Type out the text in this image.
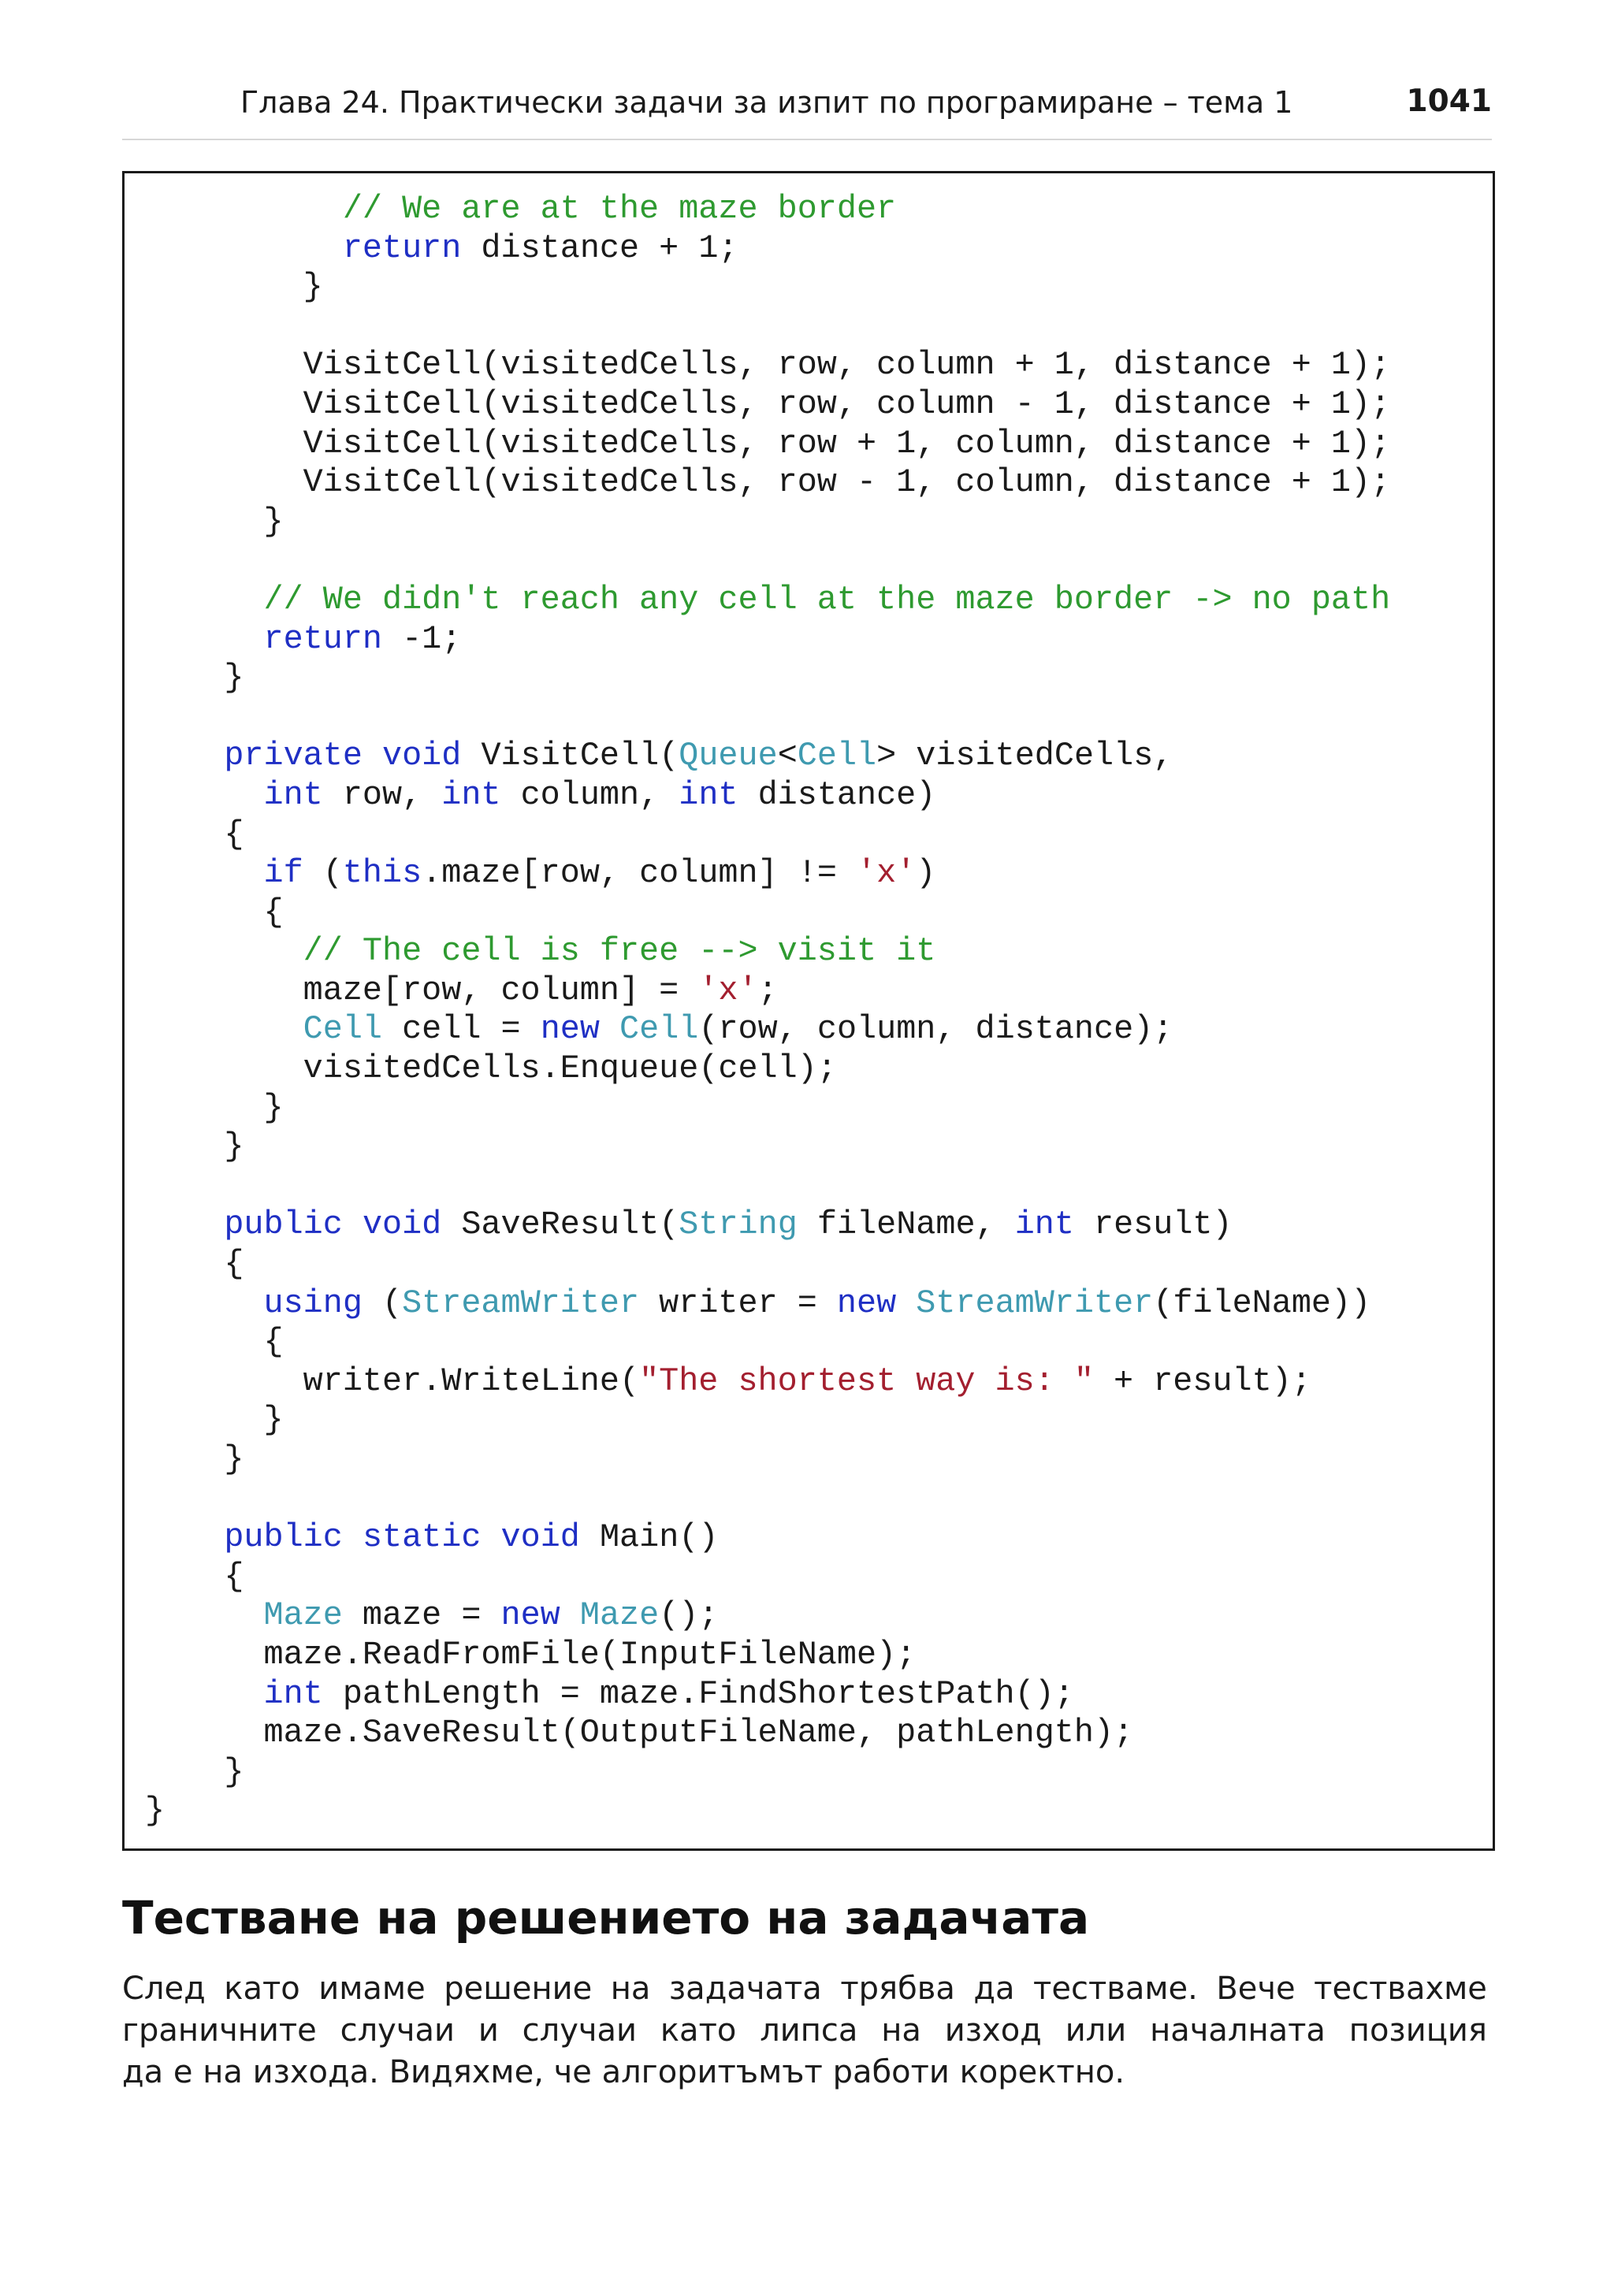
Глава 24. Практически задачи за изпит по програмиране – тема 1	1041
// We are at the maze border
return distance + 1;
}
VisitCell(visitedCells, row, column + 1, distance + 1);
VisitCell(visitedCells, row, column - 1, distance + 1);
VisitCell(visitedCells, row + 1, column, distance + 1);
VisitCell(visitedCells, row - 1, column, distance + 1);
}
// We didn't reach any cell at the maze border -> no path
return -1;
}
private void VisitCell(Queue<Cell> visitedCells,
int row, int column, int distance)
{
if (this.maze[row, column] != 'x')
{
// The cell is free --> visit it
maze[row, column] = 'x';
Cell cell = new Cell(row, column, distance);
visitedCells.Enqueue(cell);
}
}
public void SaveResult(String fileName, int result)
{
using (StreamWriter writer = new StreamWriter(fileName))
{
writer.WriteLine("The shortest way is: " + result);
}
}
public static void Main()
{
Maze maze = new Maze();
maze.ReadFromFile(InputFileName);
int pathLength = maze.FindShortestPath();
maze.SaveResult(OutputFileName, pathLength);
}
}
Тестване на решението на задачата
След като имаме решение на задачата трябва да тестваме. Вече тествахме
граничните случаи и случаи като липса на изход или началната позиция
да е на изхода. Видяхме, че алгоритъмът работи коректно.
